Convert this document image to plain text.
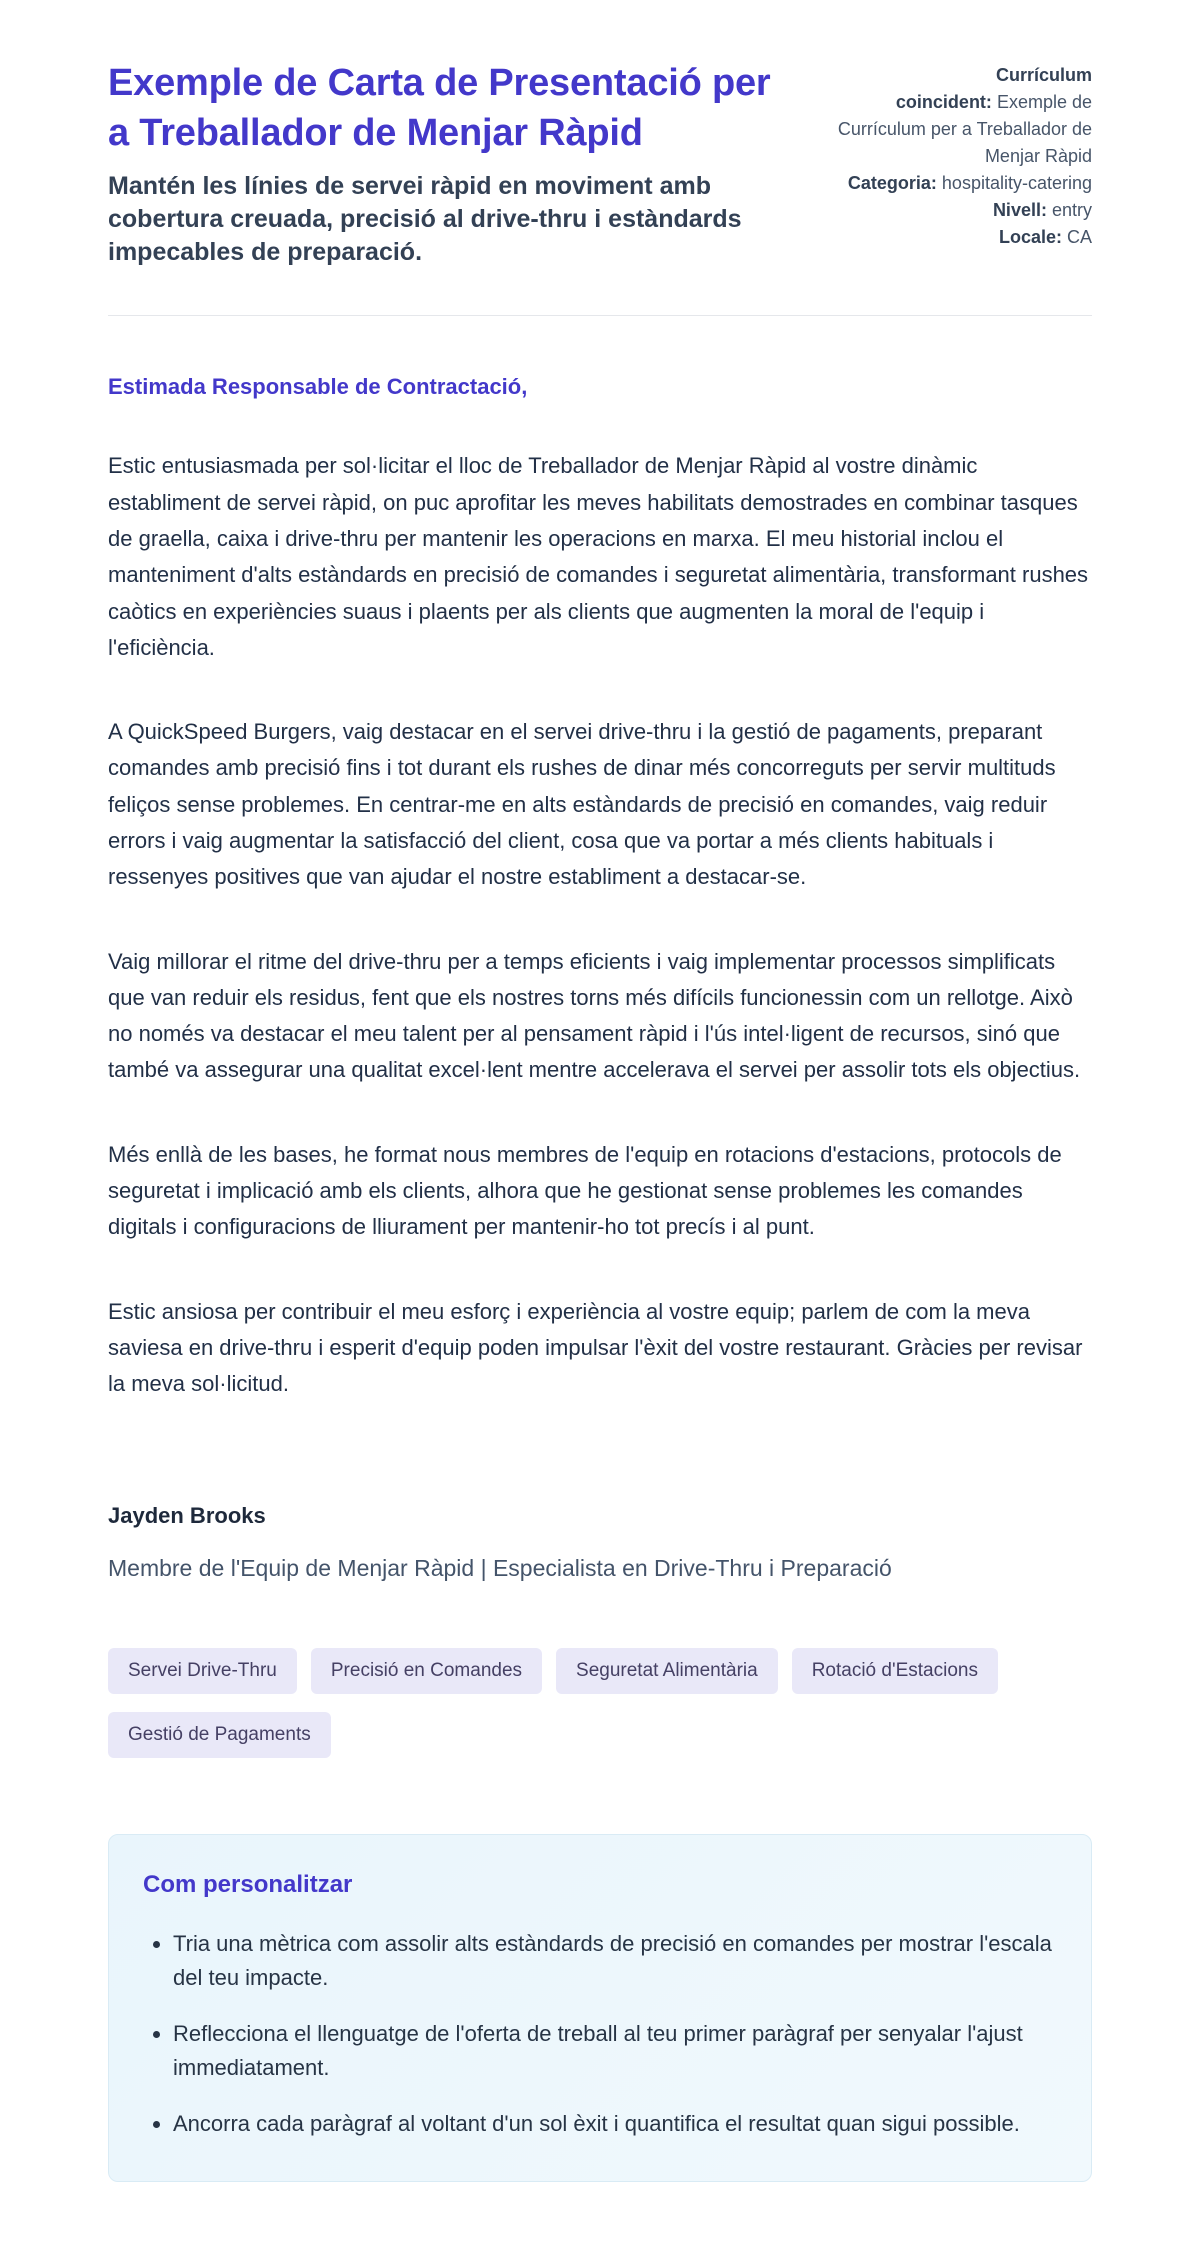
Exemple de Carta de Presentació per a Treballador de Menjar Ràpid

Mantén les línies de servei ràpid en moviment amb cobertura creuada, precisió al drive-thru i estàndards impecables de preparació.

Currículum coincident: Exemple de Currículum per a Treballador de Menjar Ràpid
Categoria: hospitality-catering
Nivell: entry
Locale: CA

Estimada Responsable de Contractació,

Estic entusiasmada per sol·licitar el lloc de Treballador de Menjar Ràpid al vostre dinàmic establiment de servei ràpid, on puc aprofitar les meves habilitats demostrades en combinar tasques de graella, caixa i drive-thru per mantenir les operacions en marxa. El meu historial inclou el manteniment d'alts estàndards en precisió de comandes i seguretat alimentària, transformant rushes caòtics en experiències suaus i plaents per als clients que augmenten la moral de l'equip i l'eficiència.

A QuickSpeed Burgers, vaig destacar en el servei drive-thru i la gestió de pagaments, preparant comandes amb precisió fins i tot durant els rushes de dinar més concorreguts per servir multituds feliços sense problemes. En centrar-me en alts estàndards de precisió en comandes, vaig reduir errors i vaig augmentar la satisfacció del client, cosa que va portar a més clients habituals i ressenyes positives que van ajudar el nostre establiment a destacar-se.

Vaig millorar el ritme del drive-thru per a temps eficients i vaig implementar processos simplificats que van reduir els residus, fent que els nostres torns més difícils funcionessin com un rellotge. Això no només va destacar el meu talent per al pensament ràpid i l'ús intel·ligent de recursos, sinó que també va assegurar una qualitat excel·lent mentre accelerava el servei per assolir tots els objectius.

Més enllà de les bases, he format nous membres de l'equip en rotacions d'estacions, protocols de seguretat i implicació amb els clients, alhora que he gestionat sense problemes les comandes digitals i configuracions de lliurament per mantenir-ho tot precís i al punt.

Estic ansiosa per contribuir el meu esforç i experiència al vostre equip; parlem de com la meva saviesa en drive-thru i esperit d'equip poden impulsar l'èxit del vostre restaurant. Gràcies per revisar la meva sol·licitud.

Jayden Brooks

Membre de l'Equip de Menjar Ràpid | Especialista en Drive-Thru i Preparació

Servei Drive-Thru	Precisió en Comandes	Seguretat Alimentària	Rotació d'Estacions
Gestió de Pagaments
Com personalitzar
• Tria una mètrica com assolir alts estàndards de precisió en comandes per mostrar l'escala del teu impacte.
• Reflecciona el llenguatge de l'oferta de treball al teu primer paràgraf per senyalar l'ajust immediatament.
• Ancorra cada paràgraf al voltant d'un sol èxit i quantifica el resultat quan sigui possible.
